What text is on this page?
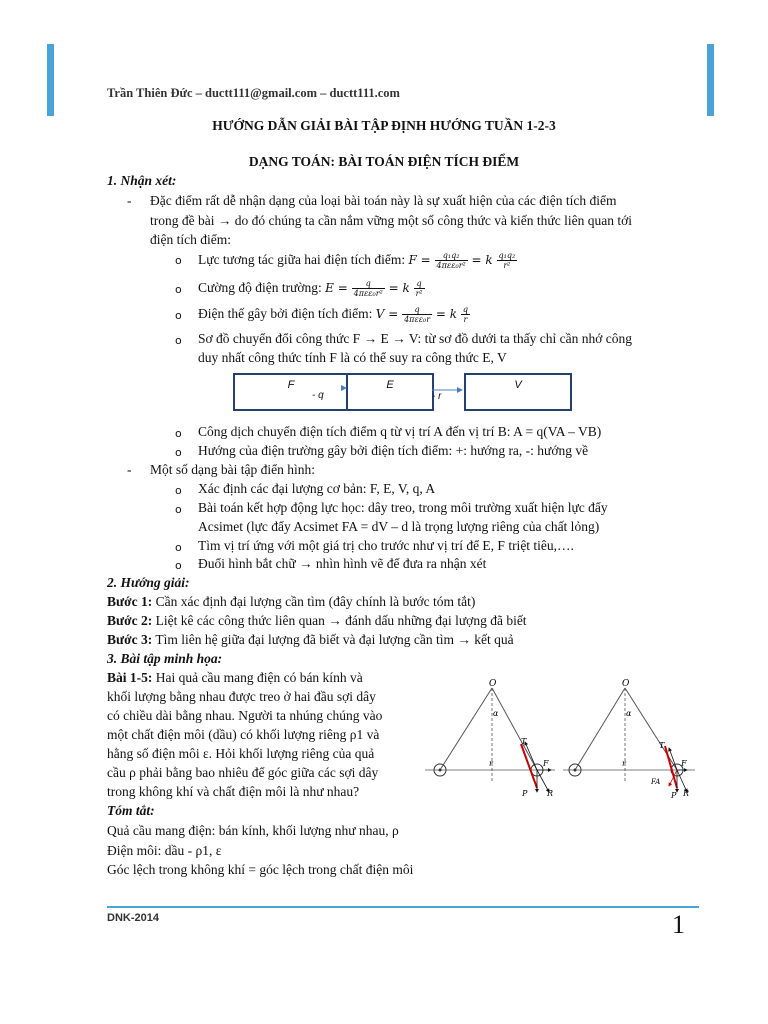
Trần Thiên Đức – ductt111@gmail.com – ductt111.com
HƯỚNG DẪN GIẢI BÀI TẬP ĐỊNH HƯỚNG TUẦN 1-2-3
DẠNG TOÁN: BÀI TOÁN ĐIỆN TÍCH ĐIỂM
1. Nhận xét:
- Đặc điểm rất dễ nhận dạng của loại bài toán này là sự xuất hiện của các điện tích điểm
trong đề bài → do đó chúng ta cần nắm vững một số công thức và kiến thức liên quan tới
điện tích điểm:
o Lực tương tác giữa hai điện tích điểm: $F = \frac{\text{q₁q₂}}{\text{4πεε₀r²}} = k \frac{\text{q₁q₂}}{\text{r²}}$
o Cường độ điện trường: $E = \frac{q}{\text{4πεε₀r²}} = k \frac{q}{\text{r²}}$
o Điện thế gây bởi điện tích điểm: $V = \frac{q}{\text{4πεε₀r}} = k \frac{q}{r}$
o Sơ đồ chuyển đổi công thức F → E → V: từ sơ đồ dưới ta thấy chỉ cần nhớ công
duy nhất công thức tính F là có thể suy ra công thức E, V
F	E	V
- q	- r
o Công dịch chuyển điện tích điểm q từ vị trí A đến vị trí B: A = q(VA – VB)
o Hướng của điện trường gây bởi điện tích điểm: +: hướng ra, -: hướng về
- Một số dạng bài tập điển hình:
o Xác định các đại lượng cơ bản: F, E, V, q, A
o Bài toán kết hợp động lực học: dây treo, trong môi trường xuất hiện lực đẩy
Acsimet (lực đẩy Acsimet FA = dV – d là trọng lượng riêng của chất lỏng)
o Tìm vị trí ứng với một giá trị cho trước như vị trí để E, F triệt tiêu,….
o Đuổi hình bắt chữ → nhìn hình vẽ để đưa ra nhận xét
2. Hướng giải:
Bước 1: Cần xác định đại lượng cần tìm (đây chính là bước tóm tắt)
Bước 2: Liệt kê các công thức liên quan → đánh dấu những đại lượng đã biết
Bước 3: Tìm liên hệ giữa đại lượng đã biết và đại lượng cần tìm → kết quả
3. Bài tập minh họa:
Bài 1-5: Hai quả cầu mang điện có bán kính và
khối lượng bằng nhau được treo ở hai đầu sợi dây
có chiều dài bằng nhau. Người ta nhúng chúng vào
một chất điện môi (dầu) có khối lượng riêng ρ1 và
hằng số điện môi ε. Hỏi khối lượng riêng của quả
cầu ρ phải bằng bao nhiêu để góc giữa các sợi dây
trong không khí và chất điện môi là như nhau?
Tóm tắt:
Quả cầu mang điện: bán kính, khối lượng như nhau, ρ
Điện môi: dầu - ρ1, ε
Góc lệch trong không khí = góc lệch trong chất điện môi
O
α
r
T
F
P R
O
α
r
T
F
FA
P R
DNK-2014	1
